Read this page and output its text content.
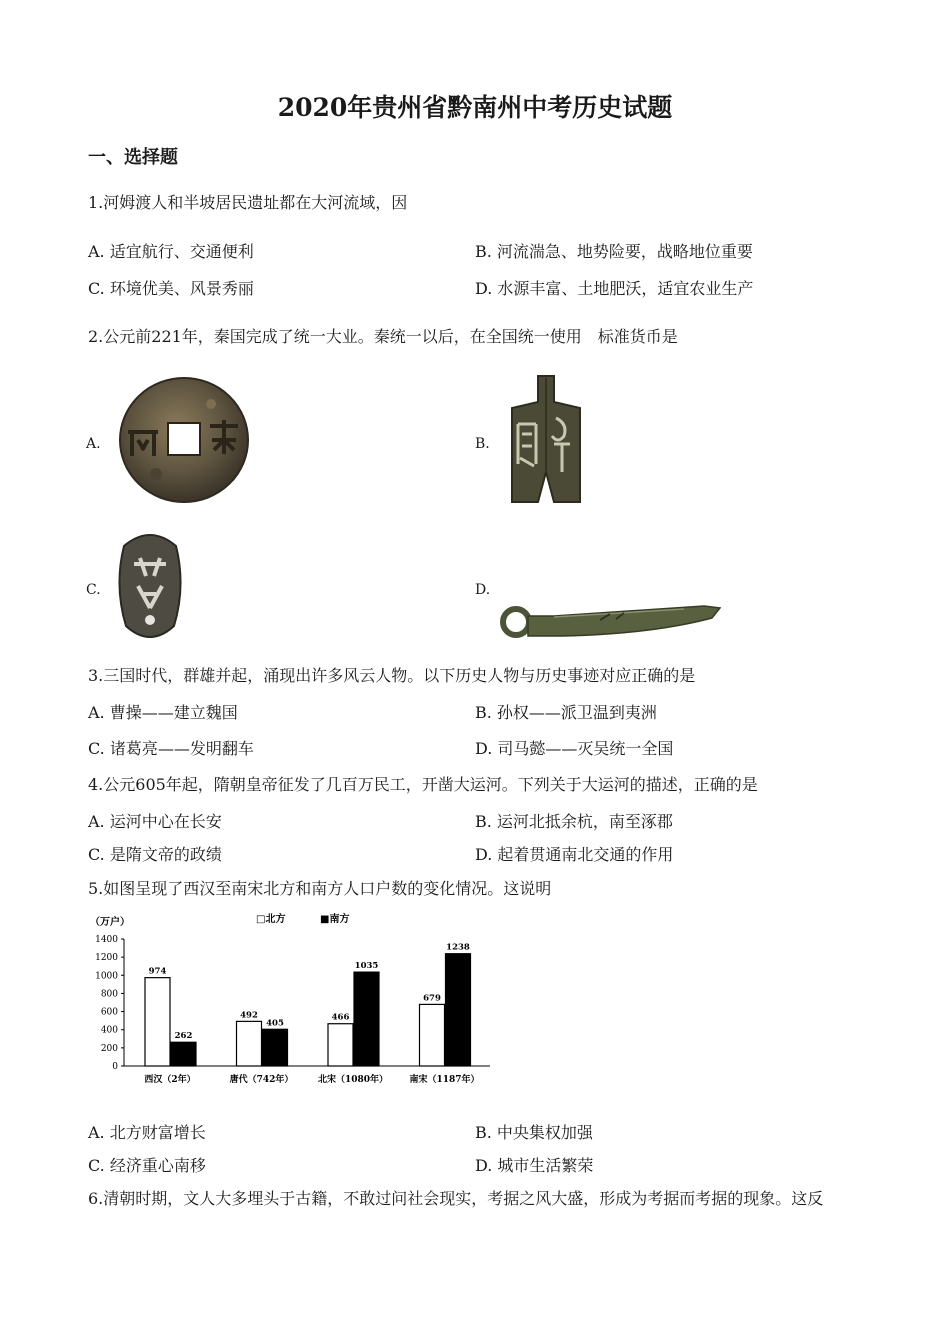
2020年贵州省黔南州中考历史试题
一、选择题
1.河姆渡人和半坡居民遗址都在大河流域，因
A. 适宜航行、交通便利	B. 河流湍急、地势险要，战略地位重要
C. 环境优美、风景秀丽	D. 水源丰富、土地肥沃，适宜农业生产
2.公元前221年，秦国完成了统一大业。秦统一以后，在全国统一使用　标准货币是
A.	B.
C.	D.
3.三国时代，群雄并起，涌现出许多风云人物。以下历史人物与历史事迹对应正确的是
A. 曹操——建立魏国	B. 孙权——派卫温到夷洲
C. 诸葛亮——发明翻车	D. 司马懿——灭吴统一全国
4.公元605年起，隋朝皇帝征发了几百万民工，开凿大运河。下列关于大运河的描述，正确的是
A. 运河中心在长安	B. 运河北抵余杭，南至涿郡
C. 是隋文帝的政绩	D. 起着贯通南北交通的作用
5.如图呈现了西汉至南宋北方和南方人口户数的变化情况。这说明
（万户）	□北方	■南方
0
200
400
600
800
1000
1200
1400
974
262
西汉（2年）
492
405
唐代（742年）
466
1035
北宋（1080年）
679
1238
南宋（1187年）
A. 北方财富增长	B. 中央集权加强
C. 经济重心南移	D. 城市生活繁荣
6.清朝时期，文人大多埋头于古籍，不敢过问社会现实，考据之风大盛，形成为考据而考据的现象。这反
